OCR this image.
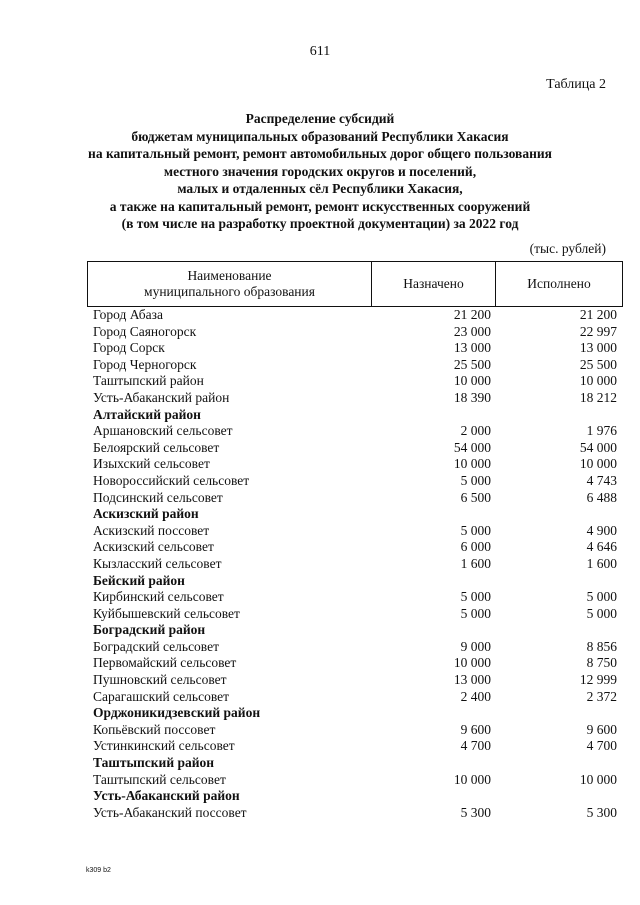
611
Таблица 2
Распределение субсидий
бюджетам муниципальных образований Республики Хакасия
на капитальный ремонт, ремонт автомобильных дорог общего пользования
местного значения городских округов и поселений,
малых и отдаленных сёл Республики Хакасия,
а также на капитальный ремонт, ремонт искусственных сооружений
(в том числе на разработку проектной документации) за 2022 год
(тыс. рублей)
Наименование
муниципального образования
Назначено	Исполнено
Город Абаза	21 200	21 200
Город Саяногорск	23 000	22 997
Город Сорск	13 000	13 000
Город Черногорск	25 500	25 500
Таштыпский район	10 000	10 000
Усть-Абаканский район	18 390	18 212
Алтайский район
Аршановский сельсовет	2 000	1 976
Белоярский сельсовет	54 000	54 000
Изыхский сельсовет	10 000	10 000
Новороссийский сельсовет	5 000	4 743
Подсинский сельсовет	6 500	6 488
Аскизский район
Аскизский поссовет	5 000	4 900
Аскизский сельсовет	6 000	4 646
Кызласский сельсовет	1 600	1 600
Бейский район
Кирбинский сельсовет	5 000	5 000
Куйбышевский сельсовет	5 000	5 000
Боградский район
Боградский сельсовет	9 000	8 856
Первомайский сельсовет	10 000	8 750
Пушновский сельсовет	13 000	12 999
Сарагашский сельсовет	2 400	2 372
Орджоникидзевский район
Копьёвский поссовет	9 600	9 600
Устинкинский сельсовет	4 700	4 700
Таштыпский район
Таштыпский сельсовет	10 000	10 000
Усть-Абаканский район
Усть-Абаканский поссовет	5 300	5 300
k309 b2
